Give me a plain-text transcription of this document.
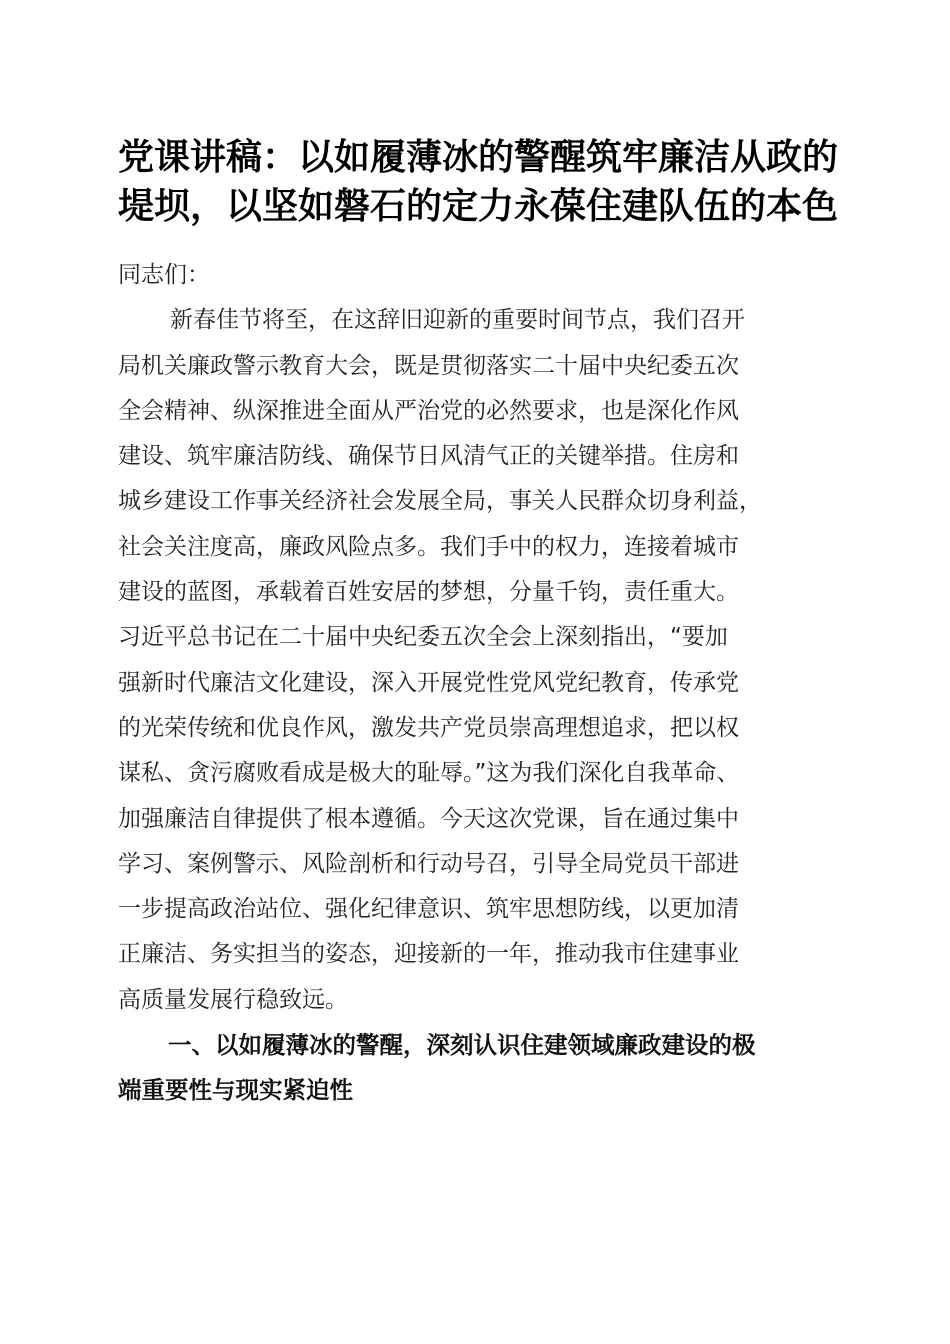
党课讲稿：以如履薄冰的警醒筑牢廉洁从政的
堤坝，以坚如磐石的定力永葆住建队伍的本色

同志们：

新春佳节将至，在这辞旧迎新的重要时间节点，我们召开
局机关廉政警示教育大会，既是贯彻落实二十届中央纪委五次
全会精神、纵深推进全面从严治党的必然要求，也是深化作风
建设、筑牢廉洁防线、确保节日风清气正的关键举措。住房和
城乡建设工作事关经济社会发展全局，事关人民群众切身利益，
社会关注度高，廉政风险点多。我们手中的权力，连接着城市
建设的蓝图，承载着百姓安居的梦想，分量千钧，责任重大。
习近平总书记在二十届中央纪委五次全会上深刻指出，“要加
强新时代廉洁文化建设，深入开展党性党风党纪教育，传承党
的光荣传统和优良作风，激发共产党员崇高理想追求，把以权
谋私、贪污腐败看成是极大的耻辱。”这为我们深化自我革命、
加强廉洁自律提供了根本遵循。今天这次党课，旨在通过集中
学习、案例警示、风险剖析和行动号召，引导全局党员干部进
一步提高政治站位、强化纪律意识、筑牢思想防线，以更加清
正廉洁、务实担当的姿态，迎接新的一年，推动我市住建事业
高质量发展行稳致远。

一、以如履薄冰的警醒，深刻认识住建领域廉政建设的极
端重要性与现实紧迫性
